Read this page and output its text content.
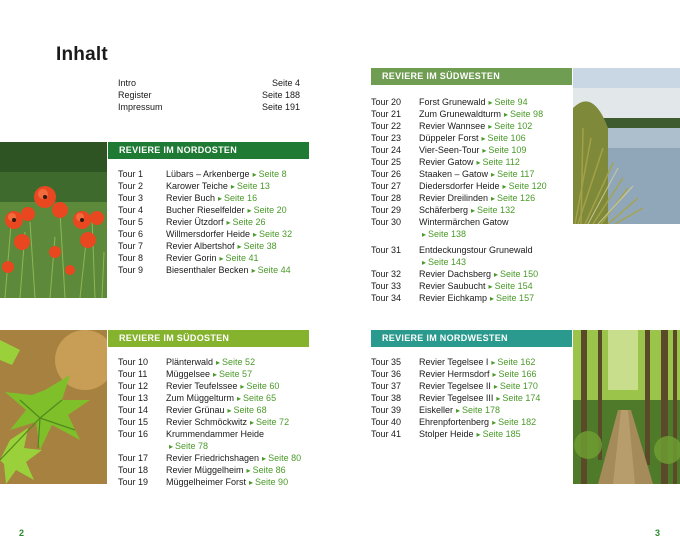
Inhalt
Intro	Seite 4
Register	Seite 188
Impressum	Seite 191
REVIERE IM NORDOSTEN
Tour 1	Lübars – Arkenberge	▸ Seite 8
Tour 2	Karower Teiche	▸ Seite 13
Tour 3	Revier Buch	▸ Seite 16
Tour 4	Bucher Rieselfelder	▸ Seite 20
Tour 5	Revier Ützdorf	▸ Seite 26
Tour 6	Willmersdorfer Heide	▸ Seite 32
Tour 7	Revier Albertshof	▸ Seite 38
Tour 8	Revier Gorin	▸ Seite 41
Tour 9	Biesenthaler Becken	▸ Seite 44
REVIERE IM SÜDOSTEN
Tour 10	Plänterwald	▸ Seite 52
Tour 11	Müggelsee	▸ Seite 57
Tour 12	Revier Teufelssee	▸ Seite 60
Tour 13	Zum Müggelturm	▸ Seite 65
Tour 14	Revier Grünau	▸ Seite 68
Tour 15	Revier Schmöckwitz	▸ Seite 72
Tour 16	Krummendammer Heide
▸ Seite 78
Tour 17	Revier Friedrichshagen	▸ Seite 80
Tour 18	Revier Müggelheim	▸ Seite 86
Tour 19	Müggelheimer Forst	▸ Seite 90
REVIERE IM SÜDWESTEN
Tour 20	Forst Grunewald	▸ Seite 94
Tour 21	Zum Grunewaldturm	▸ Seite 98
Tour 22	Revier Wannsee	▸ Seite 102
Tour 23	Düppeler Forst	▸ Seite 106
Tour 24	Vier-Seen-Tour	▸ Seite 109
Tour 25	Revier Gatow	▸ Seite 112
Tour 26	Staaken – Gatow	▸ Seite 117
Tour 27	Diedersdorfer Heide	▸ Seite 120
Tour 28	Revier Dreilinden	▸ Seite 126
Tour 29	Schäferberg	▸ Seite 132
Tour 30	Wintermärchen Gatow
▸ Seite 138
Tour 31	Entdeckungstour Grunewald
▸ Seite 143
Tour 32	Revier Dachsberg	▸ Seite 150
Tour 33	Revier Saubucht	▸ Seite 154
Tour 34	Revier Eichkamp	▸ Seite 157
REVIERE IM NORDWESTEN
Tour 35	Revier Tegelsee I	▸ Seite 162
Tour 36	Revier Hermsdorf	▸ Seite 166
Tour 37	Revier Tegelsee II	▸ Seite 170
Tour 38	Revier Tegelsee III	▸ Seite 174
Tour 39	Eiskeller	▸ Seite 178
Tour 40	Ehrenpfortenberg	▸ Seite 182
Tour 41	Stolper Heide	▸ Seite 185
2	3
